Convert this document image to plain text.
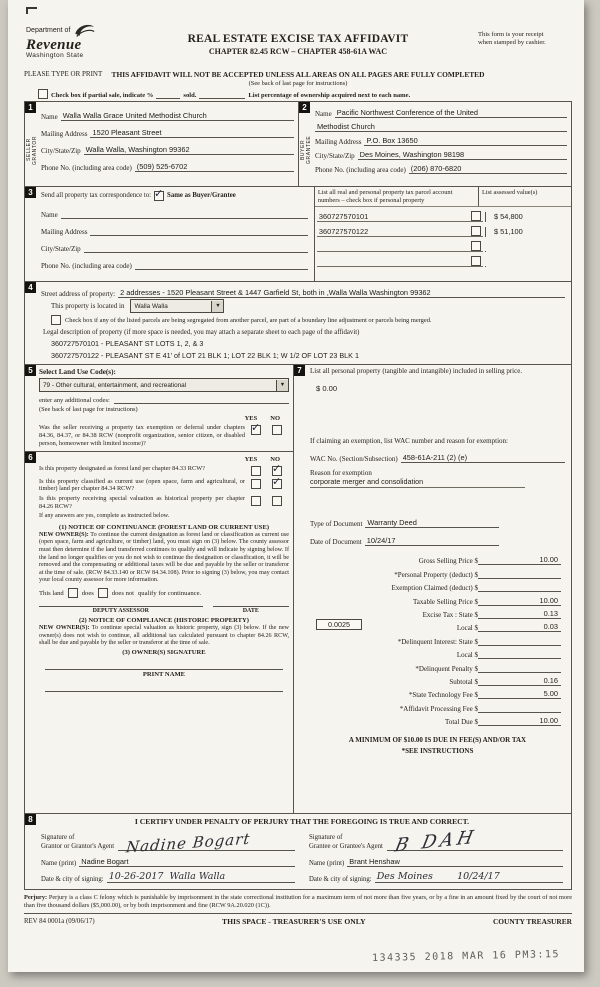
Department of
Revenue
Washington State
REAL ESTATE EXCISE TAX AFFIDAVIT
CHAPTER 82.45 RCW – CHAPTER 458-61A WAC
This form is your receipt
when stamped by cashier.
PLEASE TYPE OR PRINT	THIS AFFIDAVIT WILL NOT BE ACCEPTED UNLESS ALL AREAS ON ALL PAGES ARE FULLY COMPLETED
(See back of last page for instructions)
Check box if partial sale, indicate %	sold.	List percentage of ownership acquired next to each name.
1
SELLER GRANTOR
Name Walla Walla Grace United Methodist Church
Mailing Address 1520 Pleasant Street
City/State/Zip Walla Walla, Washington 99362
Phone No. (including area code) (509) 525-6702
2
BUYER GRANTEE
Name Pacific Northwest Conference of the United
Methodist Church
Mailing Address P.O. Box 13650
City/State/Zip Des Moines, Washington 98198
Phone No. (including area code) (206) 870-6820
3	Send all property tax correspondence to: ✓ Same as Buyer/Grantee
Name
Mailing Address
City/State/Zip
Phone No. (including area code)
List all real and personal property tax parcel account numbers – check box if personal property
List assessed value(s)
360727570101	$ 54,800
360727570122	$ 51,100
4
Street address of property: 2 addresses - 1520 Pleasant Street & 1447 Garfield St, both in ,Walla Walla Washington 99362
This property is located in	Walla Walla	▼
Check box if any of the listed parcels are being segregated from another parcel, are part of a boundary line adjustment or parcels being merged.
Legal description of property (if more space is needed, you may attach a separate sheet to each page of the affidavit)
360727570101 - PLEASANT ST LOTS 1, 2, & 3
360727570122 - PLEASANT ST E 41' of LOT 21 BLK 1; LOT 22 BLK 1; W 1/2 OF LOT 23 BLK 1
5 Select Land Use Code(s):
79 - Other cultural, entertainment, and recreational	▼
enter any additional codes:
(See back of last page for instructions)
YES NO
Was the seller receiving a property tax exemption or deferral under chapters 84.36, 84.37, or 84.38 RCW (nonprofit organization, senior citizen, or disabled person, homeowner with limited income)?
✓
6	YES NO
Is this property designated as forest land per chapter 84.33 RCW?
✓
Is this property classified as current use (open space, farm and agricultural, or timber) land per chapter 84.34 RCW?
✓
Is this property receiving special valuation as historical property per chapter 84.26 RCW?
If any answers are yes, complete as instructed below.
(1) NOTICE OF CONTINUANCE (FOREST LAND OR CURRENT USE)
NEW OWNER(S): To continue the current designation as forest land or classification as current use (open space, farm and agriculture, or timber) land, you must sign on (3) below. The county assessor must then determine if the land transferred continues to qualify and will indicate by signing below. If the land no longer qualifies or you do not wish to continue the designation or classification, it will be removed and the compensating or additional taxes will be due and payable by the seller or transferor at the time of sale. (RCW 84.33.140 or RCW 84.34.108). Prior to signing (3) below, you may contact your local county assessor for more information.
This land	does	does not qualify for continuance.
DEPUTY ASSESSOR	DATE
(2) NOTICE OF COMPLIANCE (HISTORIC PROPERTY)
NEW OWNER(S): To continue special valuation as historic property, sign (3) below. If the new owner(s) does not wish to continue, all additional tax calculated pursuant to chapter 84.26 RCW, shall be due and payable by the seller or transferor at the time of sale.
(3) OWNER(S) SIGNATURE
PRINT NAME
7	List all personal property (tangible and intangible) included in selling price.
$ 0.00
If claiming an exemption, list WAC number and reason for exemption:
WAC No. (Section/Subsection) 458-61A-211 (2) (e)
Reason for exemption
corporate merger and consolidation
Type of Document Warranty Deed
Date of Document 10/24/17
Gross Selling Price $	10.00
*Personal Property (deduct) $
Exemption Claimed (deduct) $
Taxable Selling Price $	10.00
Excise Tax : State $	0.13
0.0025	Local $	0.03
*Delinquent Interest: State $
Local $
*Delinquent Penalty $
Subtotal $	0.16
*State Technology Fee $	5.00
*Affidavit Processing Fee $
Total Due $	10.00
A MINIMUM OF $10.00 IS DUE IN FEE(S) AND/OR TAX
*SEE INSTRUCTIONS
8	I CERTIFY UNDER PENALTY OF PERJURY THAT THE FOREGOING IS TRUE AND CORRECT.
Signature of
Grantor or Grantor's Agent Nadine Bogart
Name (print) Nadine Bogart
Date & city of signing: 10-26-2017  Walla Walla
Signature of
Grantee or Grantee's Agent B DAH
Name (print) Brant Henshaw
Date & city of signing: Des Moines        10/24/17
Perjury: Perjury is a class C felony which is punishable by imprisonment in the state correctional institution for a maximum term of not more than five years, or by a fine in an amount fixed by the court of not more than five thousand dollars ($5,000.00), or by both imprisonment and fine (RCW 9A.20.020 (1C)).
REV 84 0001a (09/06/17)	THIS SPACE - TREASURER'S USE ONLY	COUNTY TREASURER
134335 2018 MAR 16 PM3:15
